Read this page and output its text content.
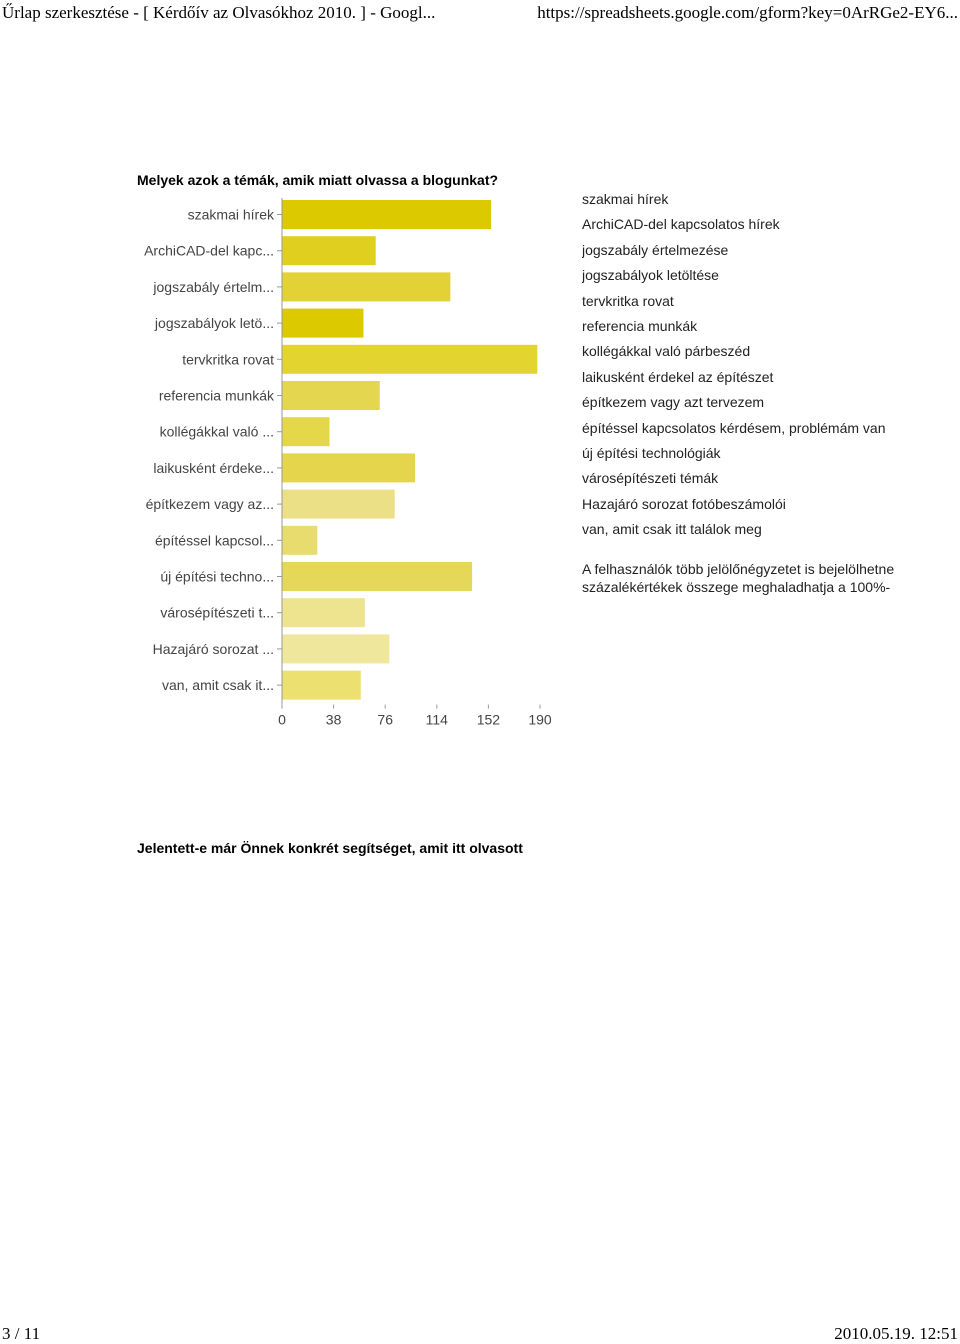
Űrlap szerkesztése - [ Kérdőív az Olvasókhoz 2010. ] - Googl...	https://spreadsheets.google.com/gform?key=0ArRGe2-EY6...
Melyek azok a témák, amik miatt olvassa a blogunkat?
szakmai hírek
ArchiCAD-del kapc...
jogszabály értelm...
jogszabályok letö...
tervkritka rovat
referencia munkák
kollégákkal való ...
laikusként érdeke...
építkezem vagy az...
építéssel kapcsol...
új építési techno...
városépítészeti t...
Hazajáró sorozat ...
van, amit csak it...
0	38	76 114 152 190
szakmai hírek
ArchiCAD-del kapcsolatos hírek
jogszabály értelmezése
jogszabályok letöltése
tervkritka rovat
referencia munkák
kollégákkal való párbeszéd
laikusként érdekel az építészet
építkezem vagy azt tervezem
építéssel kapcsolatos kérdésem, problémám van
új építési technológiák
városépítészeti témák
Hazajáró sorozat fotóbeszámolói
van, amit csak itt találok meg
A felhasználók több jelölőnégyzetet is bejelölhetne
százalékértékek összege meghaladhatja a 100%-
Jelentett-e már Önnek konkrét segítséget, amit itt olvasott
3 / 11	2010.05.19. 12:51
